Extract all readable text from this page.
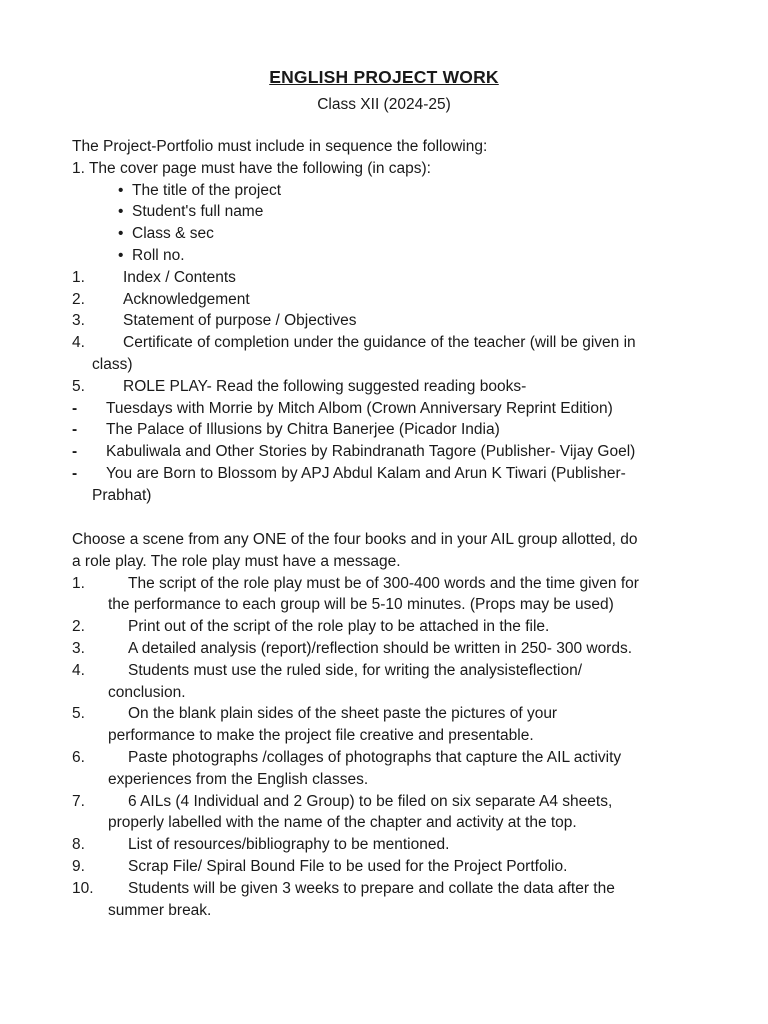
ENGLISH PROJECT WORK
Class XII (2024-25)
The Project-Portfolio must include in sequence the following:
1. The cover page must have the following (in caps):
• The title of the project
• Student's full name
• Class & sec
• Roll no.
1.	Index / Contents
2.	Acknowledgement
3.	Statement of purpose / Objectives
4.	Certificate of completion under the guidance of the teacher (will be given in
class)
5.	ROLE PLAY- Read the following suggested reading books-
-	Tuesdays with Morrie by Mitch Albom (Crown Anniversary Reprint Edition)
-	The Palace of Illusions by Chitra Banerjee (Picador India)
-	Kabuliwala and Other Stories by Rabindranath Tagore (Publisher- Vijay Goel)
-	You are Born to Blossom by APJ Abdul Kalam and Arun K Tiwari (Publisher-
Prabhat)
Choose a scene from any ONE of the four books and in your AIL group allotted, do
a role play. The role play must have a message.
1.	The script of the role play must be of 300-400 words and the time given for
the performance to each group will be 5-10 minutes. (Props may be used)
2.	Print out of the script of the role play to be attached in the file.
3.	A detailed analysis (report)/reflection should be written in 250- 300 words.
4.	Students must use the ruled side, for writing the analysisteflection/
conclusion.
5.	On the blank plain sides of the sheet paste the pictures of your
performance to make the project file creative and presentable.
6.	Paste photographs /collages of photographs that capture the AIL activity
experiences from the English classes.
7.	6 AILs (4 Individual and 2 Group) to be filed on six separate A4 sheets,
properly labelled with the name of the chapter and activity at the top.
8.	List of resources/bibliography to be mentioned.
9.	Scrap File/ Spiral Bound File to be used for the Project Portfolio.
10.	Students will be given 3 weeks to prepare and collate the data after the
summer break.
